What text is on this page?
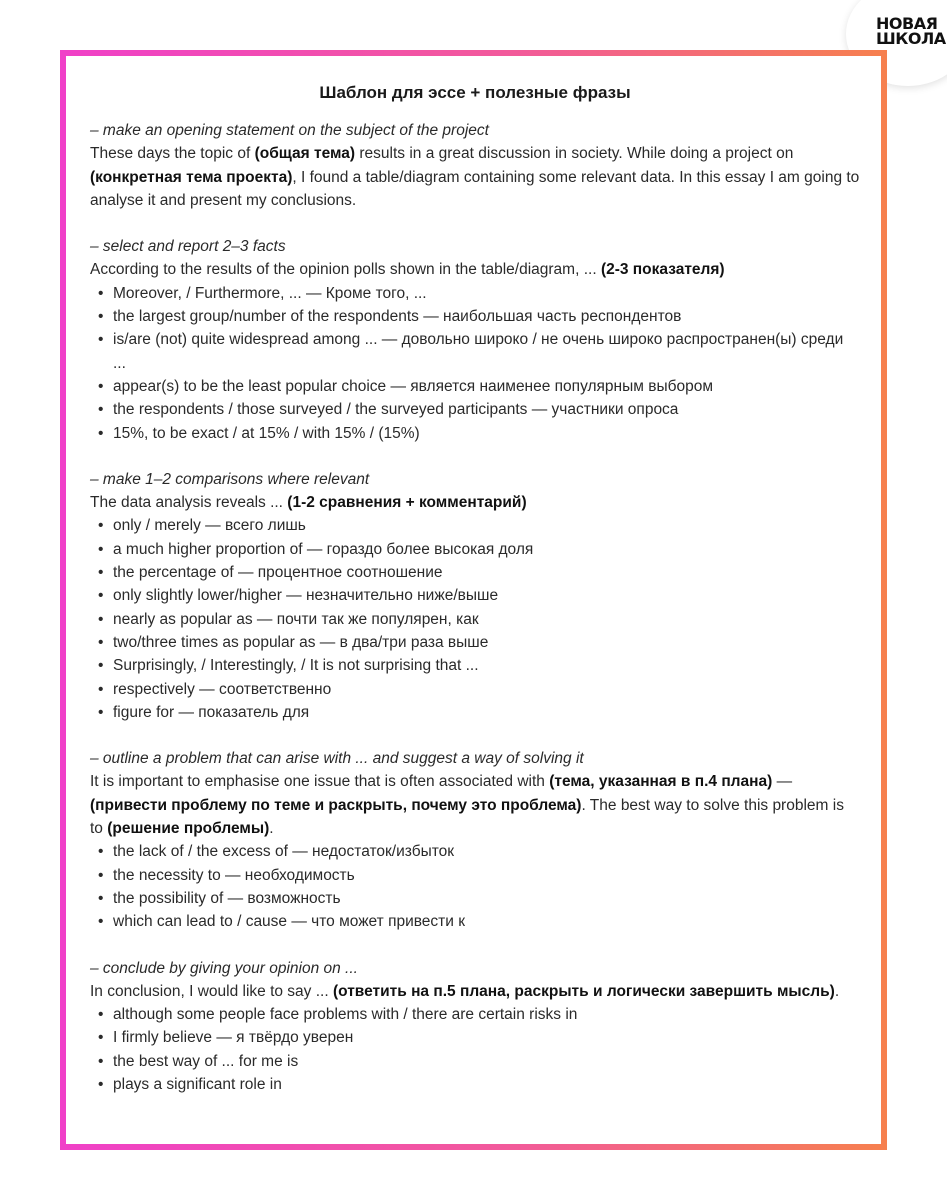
НОВАЯ
ШКОЛА
Шаблон для эссе + полезные фразы
– make an opening statement on the subject of the project

These days the topic of (общая тема) results in a great discussion in society. While doing a project on (конкретная тема проекта), I found a table/diagram containing some relevant data. In this essay I am going to analyse it and present my conclusions.

– select and report 2–3 facts

According to the results of the opinion polls shown in the table/diagram, ... (2-3 показателя)

• Moreover, / Furthermore, ... — Кроме того, ...
• the largest group/number of the respondents — наибольшая часть респондентов
• is/are (not) quite widespread among ... — довольно широко / не очень широко распространен(ы) среди ...
• appear(s) to be the least popular choice — является наименее популярным выбором
• the respondents / those surveyed / the surveyed participants — участники опроса
• 15%, to be exact / at 15% / with 15% / (15%)
– make 1–2 comparisons where relevant

The data analysis reveals ... (1-2 сравнения + комментарий)

• only / merely — всего лишь
• a much higher proportion of — гораздо более высокая доля
• the percentage of — процентное соотношение
• only slightly lower/higher — незначительно ниже/выше
• nearly as popular as — почти так же популярен, как
• two/three times as popular as — в два/три раза выше
• Surprisingly, / Interestingly, / It is not surprising that ...
• respectively — соответственно
• figure for — показатель для
– outline a problem that can arise with ... and suggest a way of solving it

It is important to emphasise one issue that is often associated with (тема, указанная в п.4 плана) — (привести проблему по теме и раскрыть, почему это проблема). The best way to solve this problem is to (решение проблемы).

• the lack of / the excess of — недостаток/избыток
• the necessity to — необходимость
• the possibility of — возможность
• which can lead to / cause — что может привести к
– conclude by giving your opinion on ...

In conclusion, I would like to say ... (ответить на п.5 плана, раскрыть и логически завершить мысль).

• although some people face problems with / there are certain risks in
• I firmly believe — я твёрдо уверен
• the best way of ... for me is
• plays a significant role in
